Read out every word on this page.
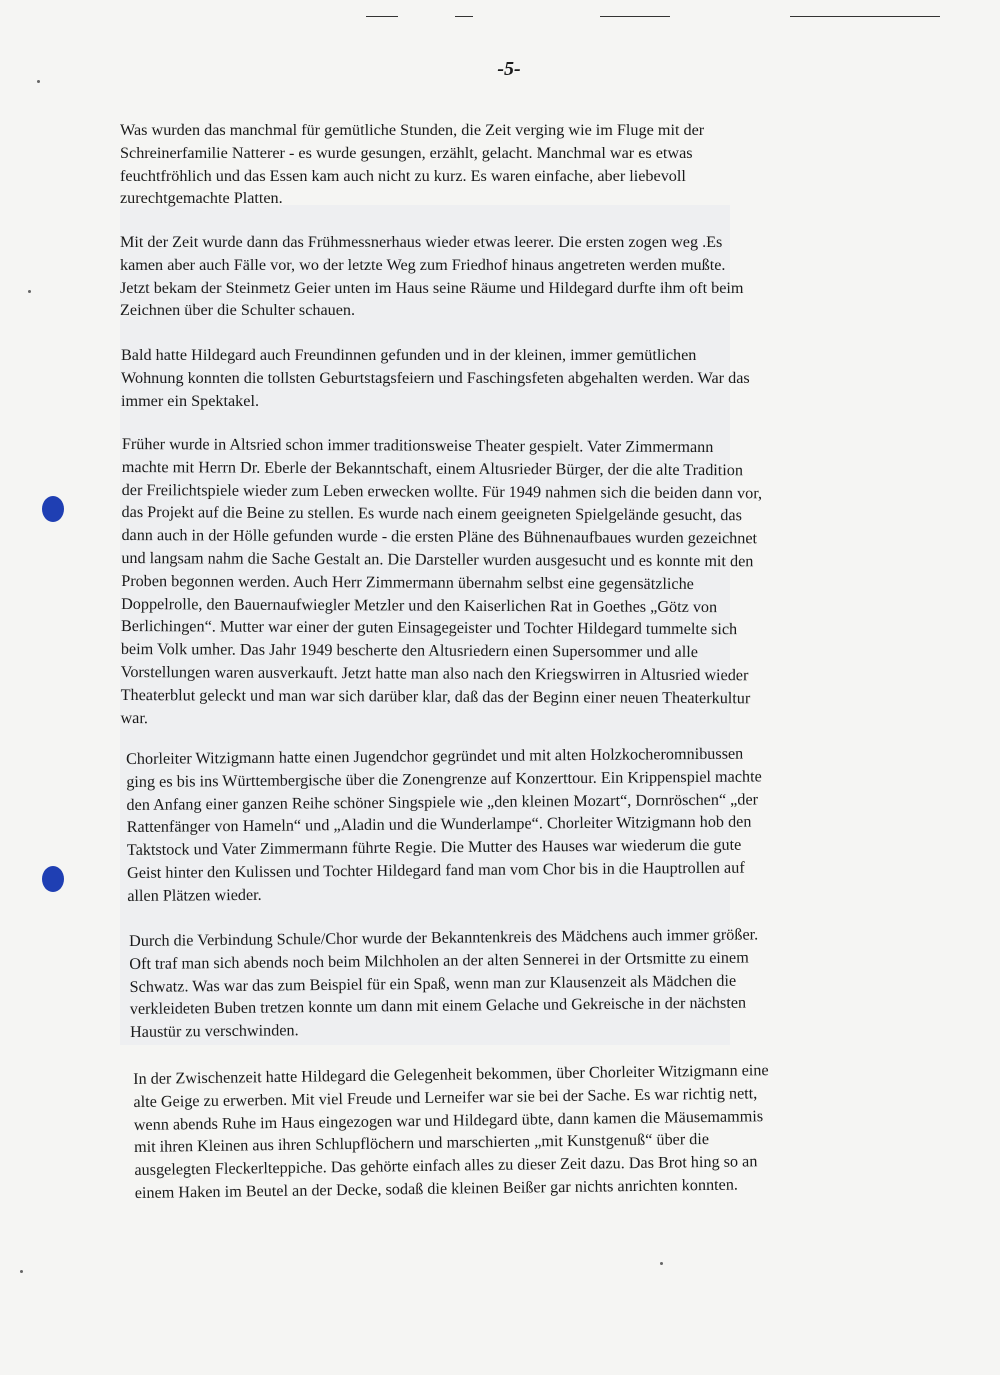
-5-
Was wurden das manchmal für gemütliche Stunden, die Zeit verging wie im Fluge mit der
Schreinerfamilie Natterer - es wurde gesungen, erzählt, gelacht. Manchmal war es etwas
feuchtfröhlich und das Essen kam auch nicht zu kurz. Es waren einfache, aber liebevoll
zurechtgemachte Platten.
Mit der Zeit wurde dann das Frühmessnerhaus wieder etwas leerer. Die ersten zogen weg .Es
kamen aber auch Fälle vor, wo der letzte Weg zum Friedhof hinaus angetreten werden mußte.
Jetzt bekam der Steinmetz Geier unten im Haus seine Räume und Hildegard durfte ihm oft beim
Zeichnen über die Schulter schauen.
Bald hatte Hildegard auch Freundinnen gefunden und in der kleinen, immer gemütlichen
Wohnung konnten die tollsten Geburtstagsfeiern und Faschingsfeten abgehalten werden. War das
immer ein Spektakel.
Früher wurde in Altsried schon immer traditionsweise Theater gespielt. Vater Zimmermann
machte mit Herrn Dr. Eberle der Bekanntschaft, einem Altusrieder Bürger, der die alte Tradition
der Freilichtspiele wieder zum Leben erwecken wollte. Für 1949 nahmen sich die beiden dann vor,
das Projekt auf die Beine zu stellen. Es wurde nach einem geeigneten Spielgelände gesucht, das
dann auch in der Hölle gefunden wurde - die ersten Pläne des Bühnenaufbaues wurden gezeichnet
und langsam nahm die Sache Gestalt an. Die Darsteller wurden ausgesucht und es konnte mit den
Proben begonnen werden. Auch Herr Zimmermann übernahm selbst eine gegensätzliche
Doppelrolle, den Bauernaufwiegler Metzler und den Kaiserlichen Rat in Goethes „Götz von
Berlichingen“. Mutter war einer der guten Einsagegeister und Tochter Hildegard tummelte sich
beim Volk umher. Das Jahr 1949 bescherte den Altusriedern einen Supersommer und alle
Vorstellungen waren ausverkauft. Jetzt hatte man also nach den Kriegswirren in Altusried wieder
Theaterblut geleckt und man war sich darüber klar, daß das der Beginn einer neuen Theaterkultur
war.
Chorleiter Witzigmann hatte einen Jugendchor gegründet und mit alten Holzkocheromnibussen
ging es bis ins Württembergische über die Zonengrenze auf Konzerttour. Ein Krippenspiel machte
den Anfang einer ganzen Reihe schöner Singspiele wie „den kleinen Mozart“, Dornröschen“ „der
Rattenfänger von Hameln“ und „Aladin und die Wunderlampe“. Chorleiter Witzigmann hob den
Taktstock und Vater Zimmermann führte Regie. Die Mutter des Hauses war wiederum die gute
Geist hinter den Kulissen und Tochter Hildegard fand man vom Chor bis in die Hauptrollen auf
allen Plätzen wieder.
Durch die Verbindung Schule/Chor wurde der Bekanntenkreis des Mädchens auch immer größer.
Oft traf man sich abends noch beim Milchholen an der alten Sennerei in der Ortsmitte zu einem
Schwatz. Was war das zum Beispiel für ein Spaß, wenn man zur Klausenzeit als Mädchen die
verkleideten Buben tretzen konnte um dann mit einem Gelache und Gekreische in der nächsten
Haustür zu verschwinden.
In der Zwischenzeit hatte Hildegard die Gelegenheit bekommen, über Chorleiter Witzigmann eine
alte Geige zu erwerben. Mit viel Freude und Lerneifer war sie bei der Sache. Es war richtig nett,
wenn abends Ruhe im Haus eingezogen war und Hildegard übte, dann kamen die Mäusemammis
mit ihren Kleinen aus ihren Schlupflöchern und marschierten „mit Kunstgenuß“ über die
ausgelegten Fleckerlteppiche. Das gehörte einfach alles zu dieser Zeit dazu. Das Brot hing so an
einem Haken im Beutel an der Decke, sodaß die kleinen Beißer gar nichts anrichten konnten.
